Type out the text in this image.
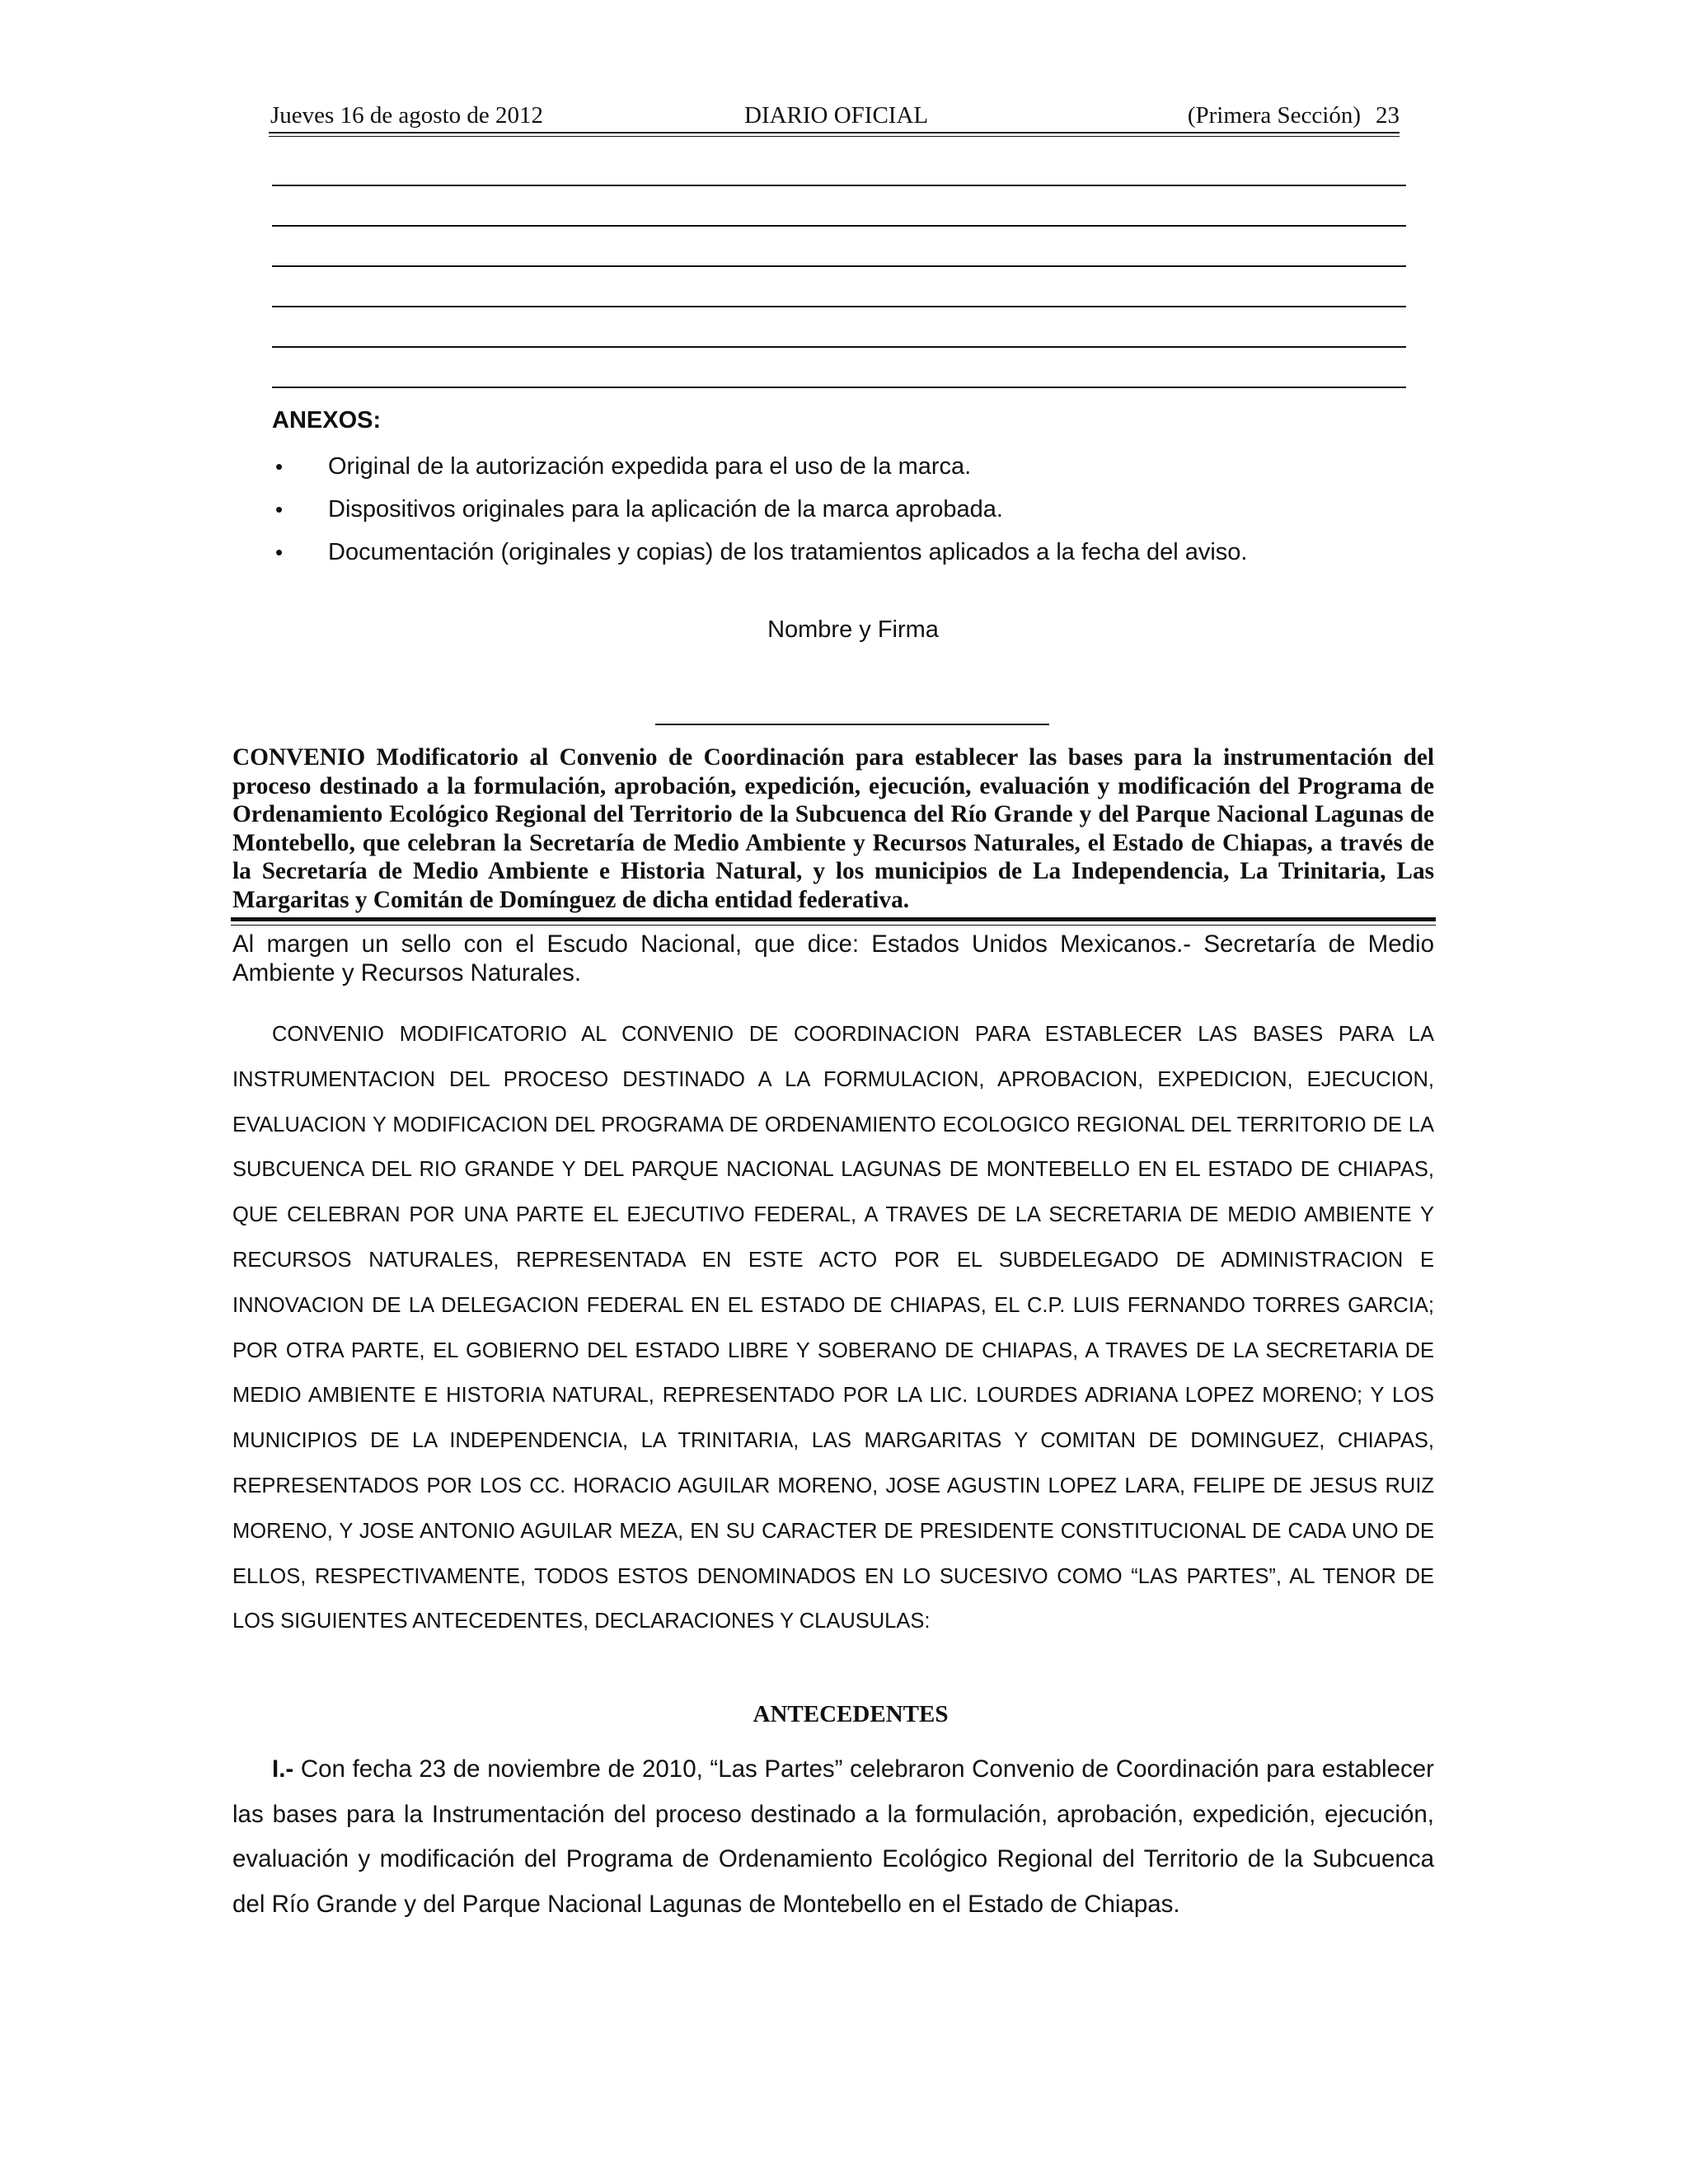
Jueves 16 de agosto de 2012	DIARIO OFICIAL	(Primera Sección) 23
ANEXOS:
• Original de la autorización expedida para el uso de la marca.
• Dispositivos originales para la aplicación de la marca aprobada.
• Documentación (originales y copias) de los tratamientos aplicados a la fecha del aviso.
Nombre y Firma
CONVENIO Modificatorio al Convenio de Coordinación para establecer las bases para la instrumentación del proceso destinado a la formulación, aprobación, expedición, ejecución, evaluación y modificación del Programa de Ordenamiento Ecológico Regional del Territorio de la Subcuenca del Río Grande y del Parque Nacional Lagunas de Montebello, que celebran la Secretaría de Medio Ambiente y Recursos Naturales, el Estado de Chiapas, a través de la Secretaría de Medio Ambiente e Historia Natural, y los municipios de La Independencia, La Trinitaria, Las Margaritas y Comitán de Domínguez de dicha entidad federativa.
Al margen un sello con el Escudo Nacional, que dice: Estados Unidos Mexicanos.- Secretaría de Medio Ambiente y Recursos Naturales.
CONVENIO MODIFICATORIO AL CONVENIO DE COORDINACION PARA ESTABLECER LAS BASES PARA LA INSTRUMENTACION DEL PROCESO DESTINADO A LA FORMULACION, APROBACION, EXPEDICION, EJECUCION, EVALUACION Y MODIFICACION DEL PROGRAMA DE ORDENAMIENTO ECOLOGICO REGIONAL DEL TERRITORIO DE LA SUBCUENCA DEL RIO GRANDE Y DEL PARQUE NACIONAL LAGUNAS DE MONTEBELLO EN EL ESTADO DE CHIAPAS, QUE CELEBRAN POR UNA PARTE EL EJECUTIVO FEDERAL, A TRAVES DE LA SECRETARIA DE MEDIO AMBIENTE Y RECURSOS NATURALES, REPRESENTADA EN ESTE ACTO POR EL SUBDELEGADO DE ADMINISTRACION E INNOVACION DE LA DELEGACION FEDERAL EN EL ESTADO DE CHIAPAS, EL C.P. LUIS FERNANDO TORRES GARCIA; POR OTRA PARTE, EL GOBIERNO DEL ESTADO LIBRE Y SOBERANO DE CHIAPAS, A TRAVES DE LA SECRETARIA DE MEDIO AMBIENTE E HISTORIA NATURAL, REPRESENTADO POR LA LIC. LOURDES ADRIANA LOPEZ MORENO; Y LOS MUNICIPIOS DE LA INDEPENDENCIA, LA TRINITARIA, LAS MARGARITAS Y COMITAN DE DOMINGUEZ, CHIAPAS, REPRESENTADOS POR LOS CC. HORACIO AGUILAR MORENO, JOSE AGUSTIN LOPEZ LARA, FELIPE DE JESUS RUIZ MORENO, Y JOSE ANTONIO AGUILAR MEZA, EN SU CARACTER DE PRESIDENTE CONSTITUCIONAL DE CADA UNO DE ELLOS, RESPECTIVAMENTE, TODOS ESTOS DENOMINADOS EN LO SUCESIVO COMO “LAS PARTES”, AL TENOR DE LOS SIGUIENTES ANTECEDENTES, DECLARACIONES Y CLAUSULAS:
ANTECEDENTES
I.- Con fecha 23 de noviembre de 2010, “Las Partes” celebraron Convenio de Coordinación para establecer las bases para la Instrumentación del proceso destinado a la formulación, aprobación, expedición, ejecución, evaluación y modificación del Programa de Ordenamiento Ecológico Regional del Territorio de la Subcuenca del Río Grande y del Parque Nacional Lagunas de Montebello en el Estado de Chiapas.
